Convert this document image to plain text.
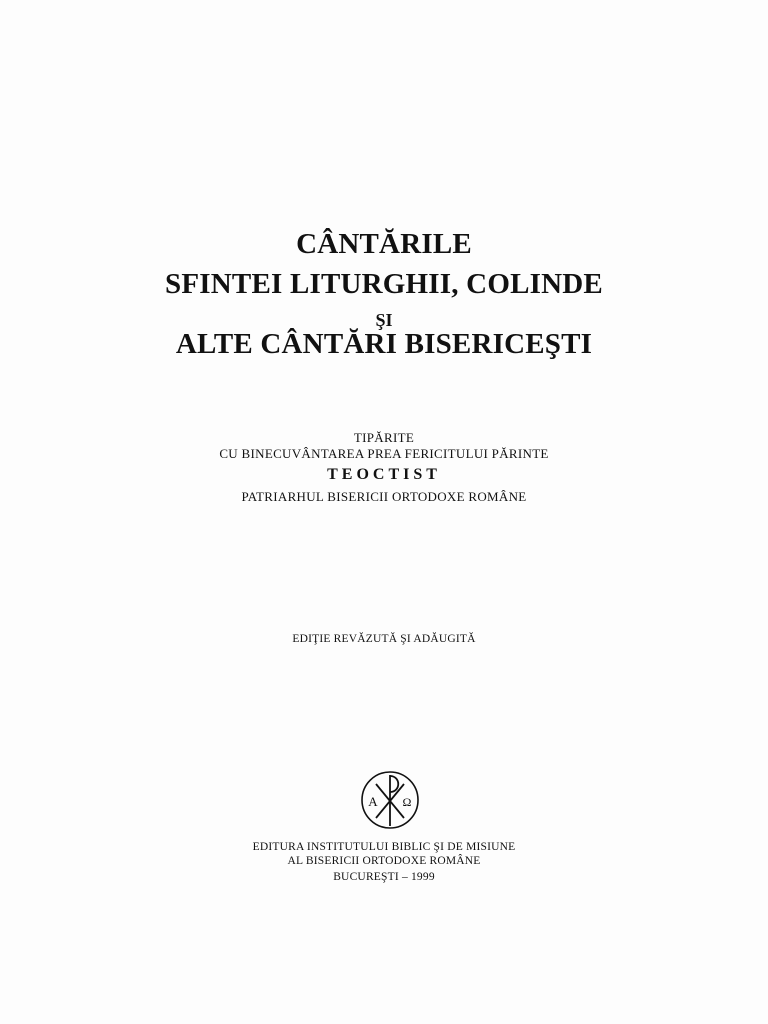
CÂNTĂRILE
SFINTEI LITURGHII, COLINDE
ŞI
ALTE CÂNTĂRI BISERICEŞTI
TIPĂRITE
CU BINECUVÂNTAREA PREA FERICITULUI PĂRINTE
TEOCTIST
PATRIARHUL BISERICII ORTODOXE ROMÂNE
EDIŢIE REVĂZUTĂ ŞI ADĂUGITĂ
A Ω
EDITURA INSTITUTULUI BIBLIC ŞI DE MISIUNE
AL BISERICII ORTODOXE ROMÂNE
BUCUREŞTI – 1999
